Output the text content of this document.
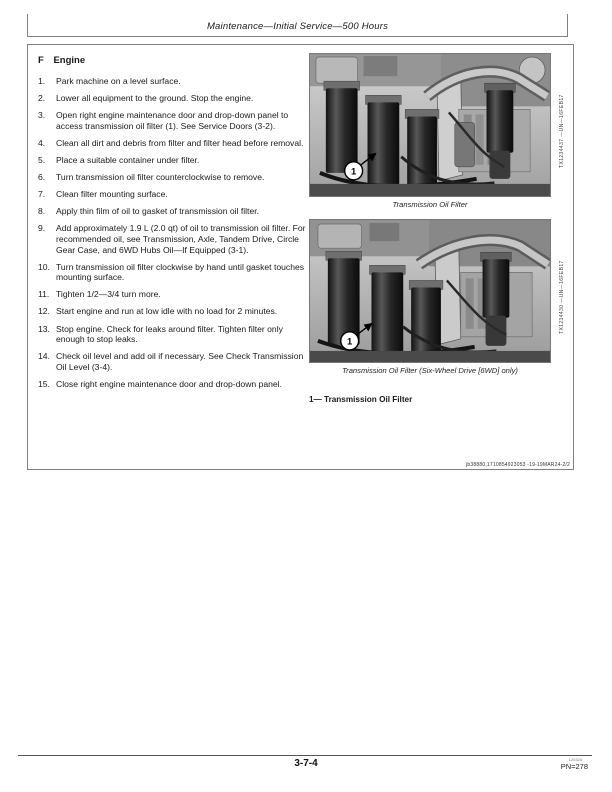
Maintenance—Initial Service—500 Hours
F Engine
1.	Park machine on a level surface.
2.	Lower all equipment to the ground. Stop the engine.
3.	Open right engine maintenance door and drop-down panel to access transmission oil filter (1). See Service Doors (3-2).
4.	Clean all dirt and debris from filter and filter head before removal.
5.	Place a suitable container under filter.
6.	Turn transmission oil filter counterclockwise to remove.
7.	Clean filter mounting surface.
8.	Apply thin film of oil to gasket of transmission oil filter.
9.	Add approximately 1.9 L (2.0 qt) of oil to transmission oil filter. For recommended oil, see Transmission, Axle, Tandem Drive, Circle Gear Case, and 6WD Hubs Oil—If Equipped (3-1).
10. Turn transmission oil filter clockwise by hand until gasket touches mounting surface.
11. Tighten 1/2—3/4 turn more.
12. Start engine and run at low idle with no load for 2 minutes.
13. Stop engine. Check for leaks around filter. Tighten filter only enough to stop leaks.
14. Check oil level and add oil if necessary. See Check Transmission Oil Level (3-4).
15. Close right engine maintenance door and drop-down panel.
1
TX1234437 —UN—16FEB17
Transmission Oil Filter
1
TX1234430 —UN—16FEB17
Transmission Oil Filter (Six-Wheel Drive [6WD] only)
1— Transmission Oil Filter
jb38880,1710854923053 -19-19MAR24-2/2
3-7-4	120324
PN=278
